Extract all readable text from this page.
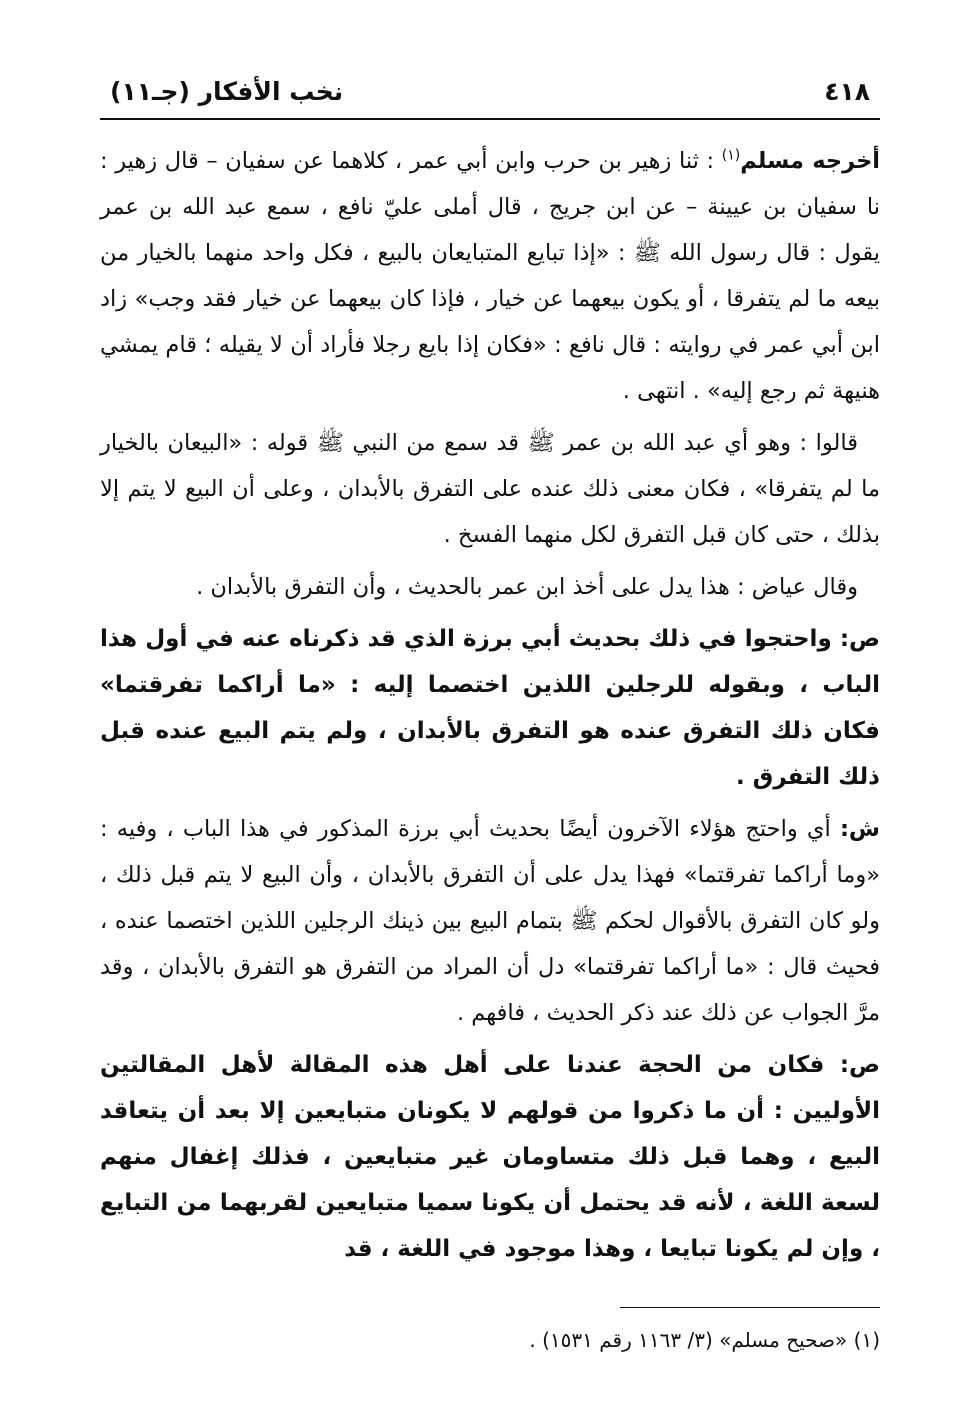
٤١٨
نخب الأفكار (جـ١١)

أخرجه مسلم$^{(١)}$ : ثنا زهير بن حرب وابن أبي عمر ، كلاهما عن سفيان – قال زهير : نا سفيان بن عيينة – عن ابن جريج ، قال أملى عليّ نافع ، سمع عبد الله بن عمر يقول : قال رسول الله ﷺ : «إذا تبايع المتبايعان بالبيع ، فكل واحد منهما بالخيار من بيعه ما لم يتفرقا ، أو يكون بيعهما عن خيار ، فإذا كان بيعهما عن خيار فقد وجب» زاد ابن أبي عمر في روايته : قال نافع : «فكان إذا بايع رجلا فأراد أن لا يقيله ؛ قام يمشي هنيهة ثم رجع إليه» . انتهى .

قالوا : وهو أي عبد الله بن عمر ﷺ قد سمع من النبي ﷺ قوله : «البيعان بالخيار ما لم يتفرقا» ، فكان معنى ذلك عنده على التفرق بالأبدان ، وعلى أن البيع لا يتم إلا بذلك ، حتى كان قبل التفرق لكل منهما الفسخ .

وقال عياض : هذا يدل على أخذ ابن عمر بالحديث ، وأن التفرق بالأبدان .

ص: واحتجوا في ذلك بحديث أبي برزة الذي قد ذكرناه عنه في أول هذا الباب ، وبقوله للرجلين اللذين اختصما إليه : «ما أراكما تفرقتما» فكان ذلك التفرق عنده هو التفرق بالأبدان ، ولم يتم البيع عنده قبل ذلك التفرق .

ش: أي واحتج هؤلاء الآخرون أيضًا بحديث أبي برزة المذكور في هذا الباب ، وفيه : «وما أراكما تفرقتما» فهذا يدل على أن التفرق بالأبدان ، وأن البيع لا يتم قبل ذلك ، ولو كان التفرق بالأقوال لحكم ﷺ بتمام البيع بين ذينك الرجلين اللذين اختصما عنده ، فحيث قال : «ما أراكما تفرقتما» دل أن المراد من التفرق هو التفرق بالأبدان ، وقد مرَّ الجواب عن ذلك عند ذكر الحديث ، فافهم .

ص: فكان من الحجة عندنا على أهل هذه المقالة لأهل المقالتين الأوليين : أن ما ذكروا من قولهم لا يكونان متبايعين إلا بعد أن يتعاقد البيع ، وهما قبل ذلك متساومان غير متبايعين ، فذلك إغفال منهم لسعة اللغة ، لأنه قد يحتمل أن يكونا سميا متبايعين لقربهما من التبايع ، وإن لم يكونا تبايعا ، وهذا موجود في اللغة ، قد

(١) «صحيح مسلم» (٣/ ١١٦٣ رقم ١٥٣١) .
